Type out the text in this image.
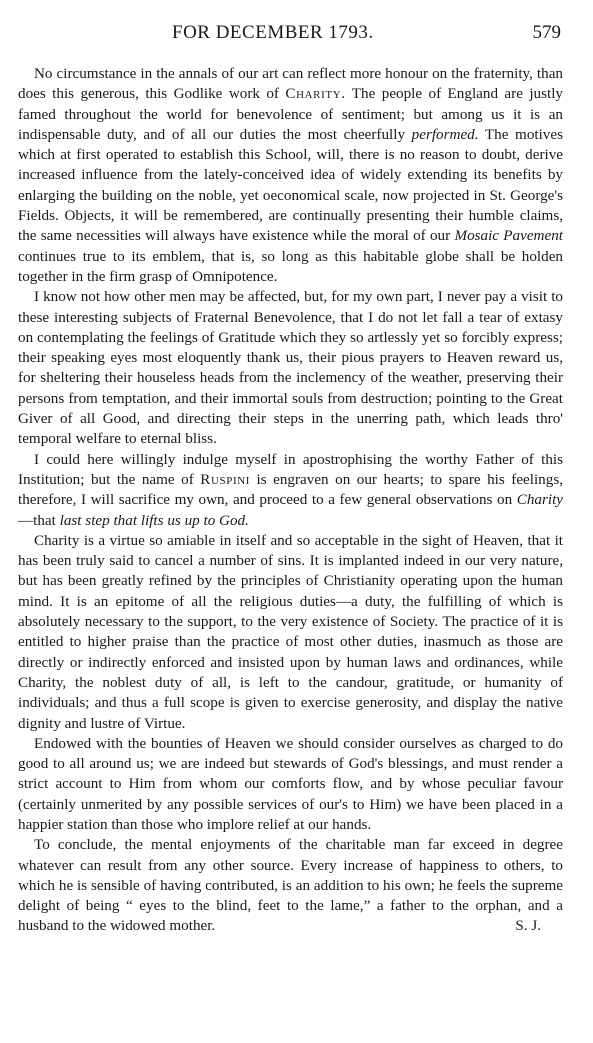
FOR DECEMBER 1793.	579

No circumstance in the annals of our art can reflect more honour on the fraternity, than does this generous, this Godlike work of Charity. The people of England are justly famed throughout the world for benevolence of sentiment; but among us it is an indispensable duty, and of all our duties the most cheerfully performed. The motives which at first operated to establish this School, will, there is no reason to doubt, derive increased influence from the lately-conceived idea of widely extending its benefits by enlarging the building on the noble, yet oeconomical scale, now projected in St. George's Fields. Objects, it will be remembered, are continually presenting their humble claims, the same necessities will always have existence while the moral of our Mosaic Pavement continues true to its emblem, that is, so long as this habitable globe shall be holden together in the firm grasp of Omnipotence.

I know not how other men may be affected, but, for my own part, I never pay a visit to these interesting subjects of Fraternal Benevolence, that I do not let fall a tear of extasy on contemplating the feelings of Gratitude which they so artlessly yet so forcibly express; their speaking eyes most eloquently thank us, their pious prayers to Heaven reward us, for sheltering their houseless heads from the inclemency of the weather, preserving their persons from temptation, and their immortal souls from destruction; pointing to the Great Giver of all Good, and directing their steps in the unerring path, which leads thro' temporal welfare to eternal bliss.

I could here willingly indulge myself in apostrophising the worthy Father of this Institution; but the name of Ruspini is engraven on our hearts; to spare his feelings, therefore, I will sacrifice my own, and proceed to a few general observations on Charity—that last step that lifts us up to God.

Charity is a virtue so amiable in itself and so acceptable in the sight of Heaven, that it has been truly said to cancel a number of sins. It is implanted indeed in our very nature, but has been greatly refined by the principles of Christianity operating upon the human mind. It is an epitome of all the religious duties—a duty, the fulfilling of which is absolutely necessary to the support, to the very existence of Society. The practice of it is entitled to higher praise than the practice of most other duties, inasmuch as those are directly or indirectly enforced and insisted upon by human laws and ordinances, while Charity, the noblest duty of all, is left to the candour, gratitude, or humanity of individuals; and thus a full scope is given to exercise generosity, and display the native dignity and lustre of Virtue.

Endowed with the bounties of Heaven we should consider ourselves as charged to do good to all around us; we are indeed but stewards of God's blessings, and must render a strict account to Him from whom our comforts flow, and by whose peculiar favour (certainly unmerited by any possible services of our's to Him) we have been placed in a happier station than those who implore relief at our hands.

To conclude, the mental enjoyments of the charitable man far exceed in degree whatever can result from any other source. Every increase of happiness to others, to which he is sensible of having contributed, is an addition to his own; he feels the supreme delight of being “ eyes to the blind, feet to the lame,” a father to the orphan, and a husband to the widowed mother.	S. J.
